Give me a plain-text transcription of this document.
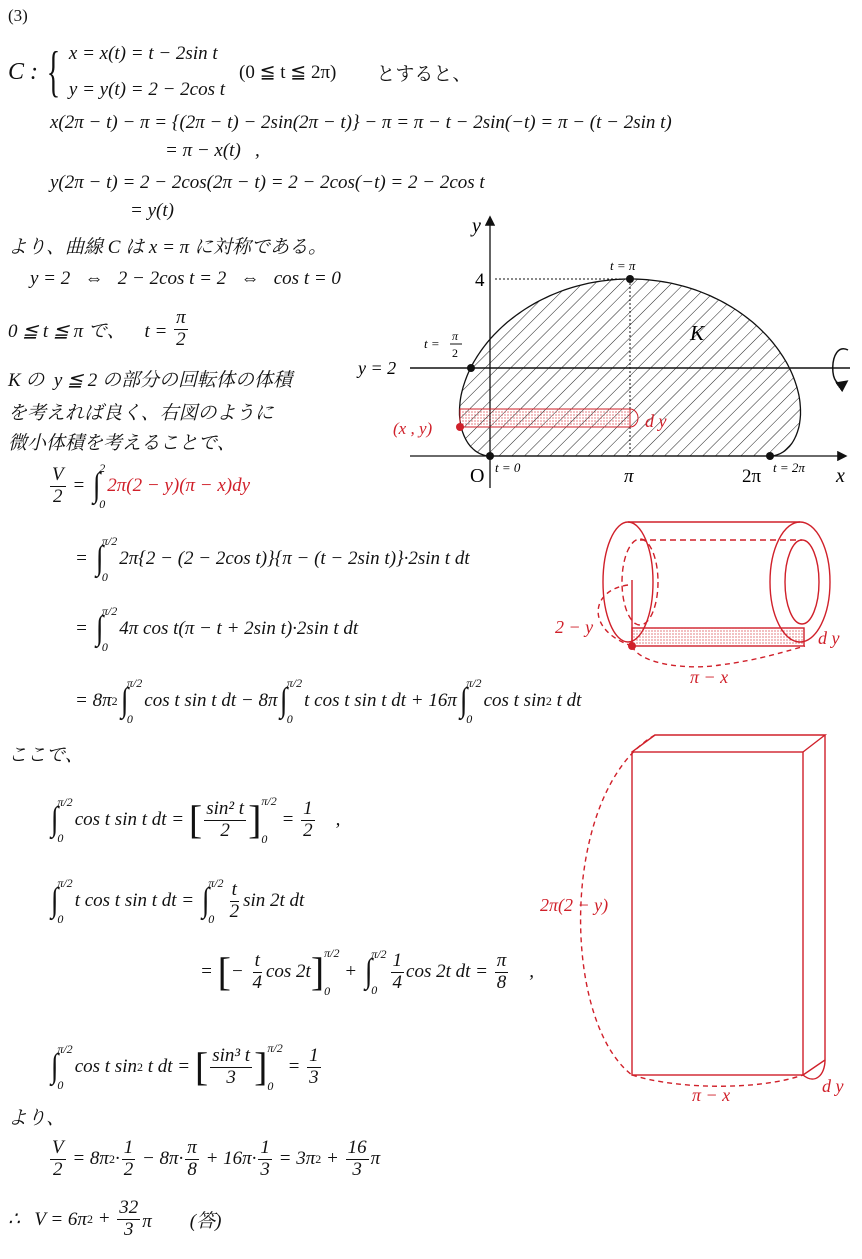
(3)
C : { x = x(t) = t − 2sin t
y = y(t) = 2 − 2cos t
(0 ≦ t ≦ 2π) とすると、
x(2π − t) − π = {(2π − t) − 2sin(2π − t)} − π = π − t − 2sin(−t) = π − (t − 2sin t)
= π − x(t)   ,
y(2π − t) = 2 − 2cos(2π − t) = 2 − 2cos(−t) = 2 − 2cos t
= y(t)
より、曲線 C は x = π に対称である。
y = 2   ⇔   2 − 2cos t = 2   ⇔   cos t = 0
0 ≦ t ≦ π で、    $t = \frac{\pi}{2}$
K の  y ≦ 2 の部分の回転体の体積
を考えれば良く、右図のように
微小体積を考えることで、
$\frac{V}{2}$ = ∫
2
0
2π(2 − y)(π − x)dy
= ∫
π/2
0
2π{2 − (2 − 2cos t)}{π − (t − 2sin t)}·2sin t dt
= ∫
π/2
0
4π cos t(π − t + 2sin t)·2sin t dt
= 8π 2 ∫
π/2
0
cos t sin t dt − 8π ∫
π/2
0
t cos t sin t dt + 16π ∫
π/2
0
cos t sin 2 t dt
ここで、
∫
π/2
0
cos t sin t dt = [ $\frac{\text{sin² t}}{2}$ ] π/2
0
= $\frac{1}{2}$ ,
∫
π/2
0
t cos t sin t dt = ∫
π/2
$0 \frac{t}{2}$ sin 2t dt
= [ − $\frac{t}{4}$ cos 2t ] π/2
0
+ ∫
π/2
$0 \frac{1}{4}$ cos 2t dt = $\frac{\pi}{8}$ ,
∫
π/2
0
cos t sin 2 t dt = [ $\frac{\text{sin³ t}}{3}$ ] π/2
0
= $\frac{1}{3}$
より、
$\frac{V}{2} = 8\pi$ $2 \cdot \frac{1}{2} - 8\pi\cdot \frac{\pi}{8} + 16\pi\cdot \frac{1}{3} = 3\pi$ $2 + \frac{16}{3}$ π
∴   V = 6π $2 + \frac{32}{3}$ π        (答)
y
x
O
4
π	2π
y = 2
t = π
t = π
2
t = 0	t = 2π
K
(x , y)	d y
2 − y
d y
π − x
2π(2 − y)
π − x	d y
